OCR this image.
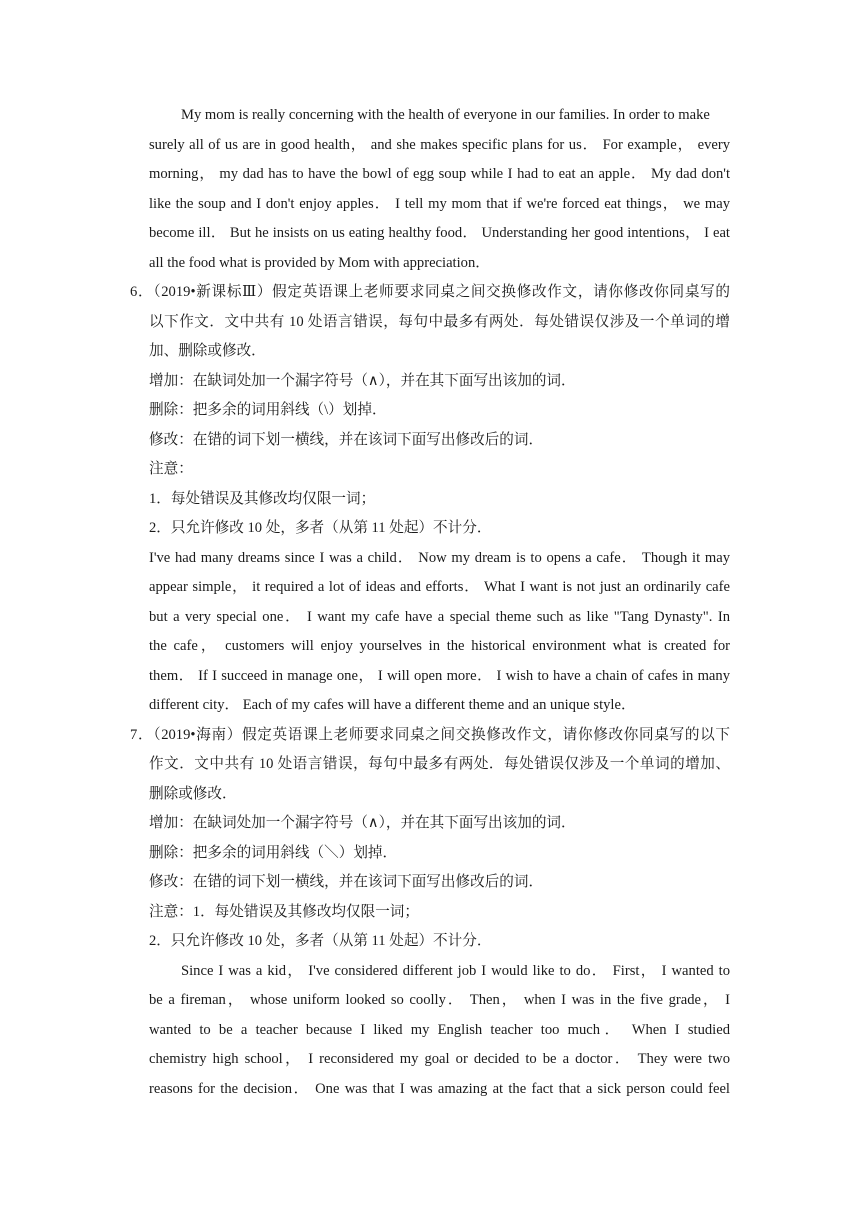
My mom is really concerning with the health of everyone in our families. In order to make
surely all of us are in good health， and she makes specific plans for us． For example， every
morning， my dad has to have the bowl of egg soup while I had to eat an apple． My dad don't
like the soup and I don't enjoy apples． I tell my mom that if we're forced eat things， we may
become ill． But he insists on us eating healthy food． Understanding her good intentions， I eat
all the food what is provided by Mom with appreciation．
6．（2019•新课标Ⅲ）假定英语课上老师要求同桌之间交换修改作文，请你修改你同桌写的
以下作文．文中共有 10 处语言错误，每句中最多有两处．每处错误仅涉及一个单词的增
加、删除或修改．
增加：在缺词处加一个漏字符号（∧），并在其下面写出该加的词．
删除：把多余的词用斜线（\）划掉．
修改：在错的词下划一横线，并在该词下面写出修改后的词．
注意：
1．每处错误及其修改均仅限一词；
2．只允许修改 10 处，多者（从第 11 处起）不计分．
I've had many dreams since I was a child． Now my dream is to opens a cafe． Though it may
appear simple， it required a lot of ideas and efforts． What I want is not just an ordinarily cafe
but a very special one． I want my cafe have a special theme such as like "Tang Dynasty". In
the cafe， customers will enjoy yourselves in the historical environment what is created for
them． If I succeed in manage one， I will open more． I wish to have a chain of cafes in many
different city． Each of my cafes will have a different theme and an unique style．
7．（2019•海南）假定英语课上老师要求同桌之间交换修改作文，请你修改你同桌写的以下
作文．文中共有 10 处语言错误，每句中最多有两处．每处错误仅涉及一个单词的增加、
删除或修改．
增加：在缺词处加一个漏字符号（∧），并在其下面写出该加的词．
删除：把多余的词用斜线（＼）划掉．
修改：在错的词下划一横线，并在该词下面写出修改后的词．
注意：1．每处错误及其修改均仅限一词；
2．只允许修改 10 处，多者（从第 11 处起）不计分．
Since I was a kid， I've considered different job I would like to do． First， I wanted to
be a fireman， whose uniform looked so coolly． Then， when I was in the five grade， I
wanted to be a teacher because I liked my English teacher too much． When I studied
chemistry high school， I reconsidered my goal or decided to be a doctor． They were two
reasons for the decision． One was that I was amazing at the fact that a sick person could feel
